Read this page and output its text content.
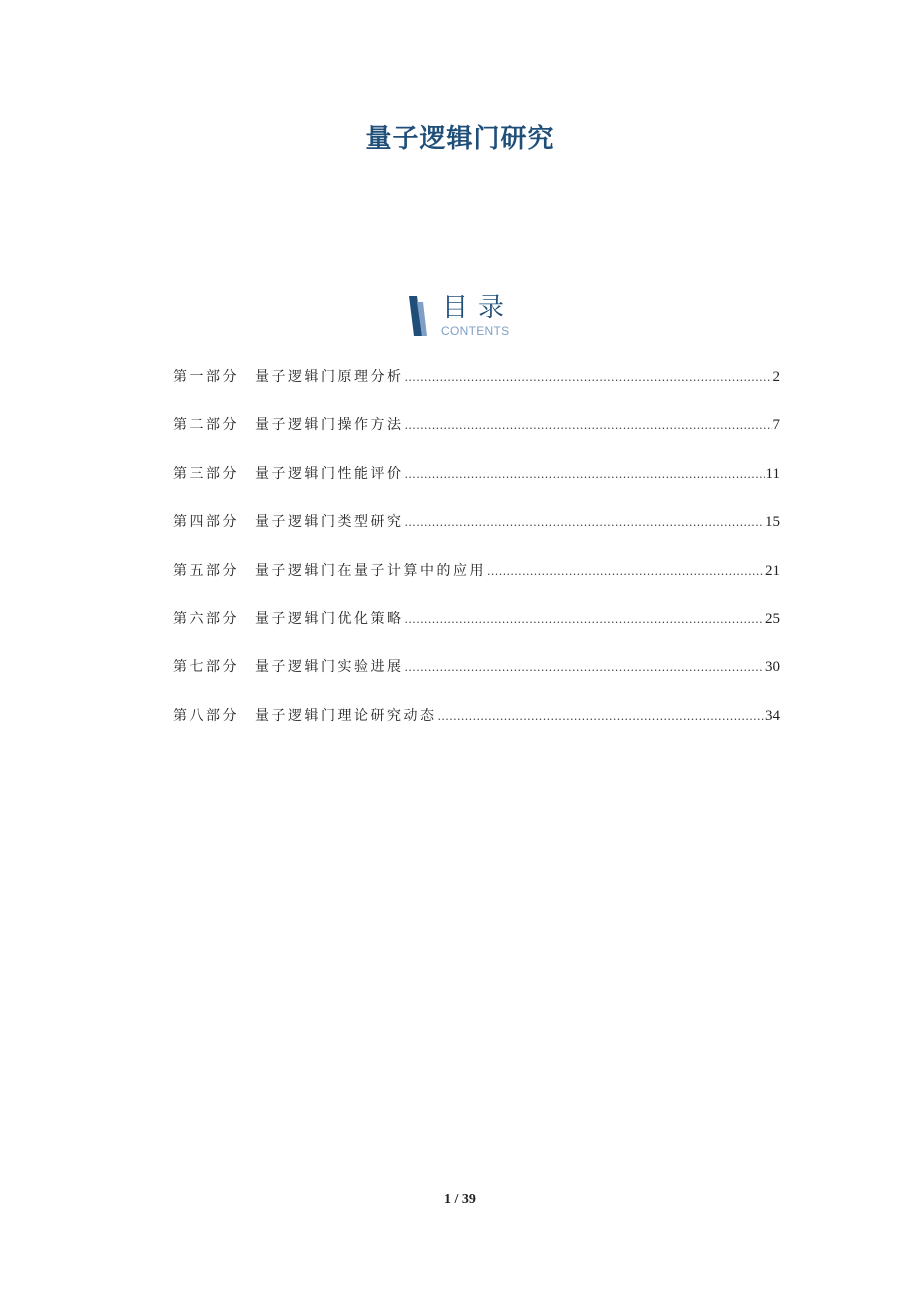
量子逻辑门研究
目录
CONTENTS
第一部分	量子逻辑门原理分析 .....	2
第二部分	量子逻辑门操作方法 .....	7
第三部分	量子逻辑门性能评价 .....	11
第四部分	量子逻辑门类型研究 .....	15
第五部分	量子逻辑门在量子计算中的应用 .....	21
第六部分	量子逻辑门优化策略 .....	25
第七部分	量子逻辑门实验进展 .....	30
第八部分	量子逻辑门理论研究动态 .....	34
1 / 39
